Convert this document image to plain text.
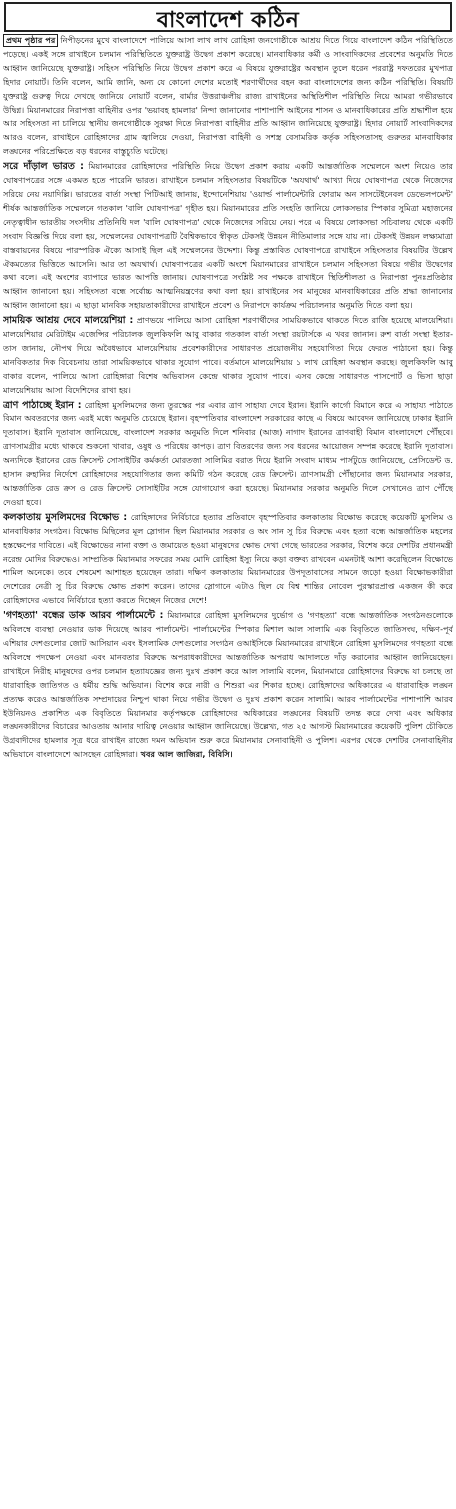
বাংলাদেশ কঠিন

প্রথম পৃষ্ঠার পর নিপীড়নের মুখে বাংলাদেশে পালিয়ে আসা লাখ লাখ রোহিঙ্গা জনগোষ্ঠীকে আশ্রয় দিতে গিয়ে বাংলাদেশ কঠিন পরিস্থিতিতে পড়েছে। একই সঙ্গে রাখাইনে চলমান পরিস্থিতিতে যুক্তরাষ্ট্র উদ্বেগ প্রকাশ করেছে। মানবাধিকার কর্মী ও সাংবাদিকদের প্রবেশের অনুমতি দিতে আহ্বান জানিয়েছে যুক্তরাষ্ট্র। সহিংস পরিস্থিতি নিয়ে উদ্বেগ প্রকাশ করে এ বিষয়ে যুক্তরাষ্ট্রের অবস্থান তুলে ধরেন পররাষ্ট্র দফতরের মুখপাত্র হিদার নোয়ার্ট। তিনি বলেন, আমি জানি, অন্য যে কোনো দেশের মতোই শরণার্থীদের বহন করা বাংলাদেশের জন্য কঠিন পরিস্থিতি। বিষয়টি যুক্তরাষ্ট্র গুরুত্ব দিয়ে দেখছে জানিয়ে নোয়ার্ট বলেন, বার্মার উত্তরাঞ্চলীয় রাজ্য রাখাইনের অস্থিতিশীল পরিস্থিতি নিয়ে আমরা গভীরভাবে উদ্বিগ্ন। মিয়ানমারের নিরাপত্তা বাহিনীর ওপর 'ভয়াবহ হামলার' নিন্দা জানানোর পাশাপাশি আইনের শাসন ও মানবাধিকারের প্রতি শ্রদ্ধাশীল হয়ে আর সহিংসতা না চালিয়ে স্থানীয় জনগোষ্ঠীকে সুরক্ষা দিতে নিরাপত্তা বাহিনীর প্রতি আহ্বান জানিয়েছে যুক্তরাষ্ট্র। হিদার নোয়ার্ট সাংবাদিকদের আরও বলেন, রাখাইনে রোহিঙ্গাদের গ্রাম জ্বালিয়ে দেওয়া, নিরাপত্তা বাহিনী ও সশস্ত্র বেসামরিক কর্তৃক সহিংসতাসহ গুরুতর মানবাধিকার লঙ্ঘনের পরিপ্রেক্ষিতে বড় ধরনের বাস্তুচ্যুতি ঘটেছে।

সরে দাঁড়াল ভারত : মিয়ানমারের রোহিঙ্গাদের পরিস্থিতি নিয়ে উদ্বেগ প্রকাশ করায় একটি আন্তর্জাতিক সম্মেলনে অংশ নিয়েও তার ঘোষণাপত্রের সঙ্গে একমত হতে পারেনি ভারত। রাখাইনে চলমান সহিংসতার বিষয়টিকে 'অযথার্থ' আখ্যা দিয়ে ঘোষণাপত্র থেকে নিজেদের সরিয়ে নেয় নয়াদিল্লি। ভারতের বার্তা সংস্থা পিটিআই জানায়, ইন্দোনেশিয়ায় 'ওয়ার্ল্ড পার্লামেন্টারি ফোরাম অন সাসটেইনেবল ডেভেলপমেন্ট' শীর্ষক আন্তর্জাতিক সম্মেলনে গতকাল 'বালি ঘোষণাপত্র' গৃহীত হয়। মিয়ানমারের প্রতি সংহতি জানিয়ে লোকসভার স্পিকার সুমিত্রা মহাজনের নেতৃত্বাধীন ভারতীয় সংসদীয় প্রতিনিধি দল 'বালি ঘোষণাপত্র' থেকে নিজেদের সরিয়ে নেয়। পরে এ বিষয়ে লোকসভা সচিবালয় থেকে একটি সংবাদ বিজ্ঞপ্তি দিয়ে বলা হয়, সম্মেলনের ঘোষণাপত্রটি বৈশ্বিকভাবে স্বীকৃত টেকসই উন্নয়ন নীতিমালার সঙ্গে যায় না। টেকসই উন্নয়ন লক্ষ্যমাত্রা বাস্তবায়নের বিষয়ে পারস্পরিক ঐক্যে আসাই ছিল এই সম্মেলনের উদ্দেশ্য। কিন্তু প্রস্তাবিত ঘোষণাপত্রে রাখাইনে সহিংসতার বিষয়টির উল্লেখ ঐকমত্যের ভিত্তিতে আসেনি। আর তা অযথার্থ। ঘোষণাপত্রের একটি অংশে মিয়ানমারের রাখাইনে চলমান সহিংসতা বিষয়ে গভীর উদ্বেগের কথা বলে। এই অংশের ব্যাপারে ভারত আপত্তি জানায়। ঘোষণাপত্রে সংশ্লিষ্ট সব পক্ষকে রাখাইনে স্থিতিশীলতা ও নিরাপত্তা পুনঃপ্রতিষ্ঠার আহ্বান জানানো হয়। সহিংসতা বন্ধে সর্বোচ্চ আত্মনিয়ন্ত্রণের কথা বলা হয়। রাখাইনের সব মানুষের মানবাধিকারের প্রতি শ্রদ্ধা জানানোর আহ্বান জানানো হয়। এ ছাড়া মানবিক সহায়তাকারীদের রাখাইনে প্রবেশ ও নিরাপদে কার্যক্রম পরিচালনার অনুমতি দিতে বলা হয়।

সাময়িক আশ্রয় দেবে মালয়েশিয়া : প্রাণভয়ে পালিয়ে আসা রোহিঙ্গা শরণার্থীদের সাময়িকভাবে থাকতে দিতে রাজি হয়েছে মালয়েশিয়া। মালয়েশিয়ার মেরিটাইম এজেন্সির পরিচালক জুলকিফলি আবু বাকার গতকাল বার্তা সংস্থা রয়টার্সকে এ খবর জানান। রুশ বার্তা সংস্থা ইতার-তাস জানায়, নৌপথ দিয়ে অবৈধভাবে মালয়েশিয়ায় প্রবেশকারীদের সাধারণত প্রয়োজনীয় সহযোগিতা দিয়ে ফেরত পাঠানো হয়। কিন্তু মানবিকতার দিক বিবেচনায় তারা সাময়িকভাবে থাকার সুযোগ পাবে। বর্তমানে মালয়েশিয়ায় ১ লাখ রোহিঙ্গা অবস্থান করছে। জুলকিফলি আবু বাকার বলেন, পালিয়ে আসা রোহিঙ্গারা বিশেষ অভিবাসন কেন্দ্রে থাকার সুযোগ পাবে। এসব কেন্দ্রে সাধারণত পাসপোর্ট ও ভিসা ছাড়া মালয়েশিয়ায় আসা বিদেশিদের রাখা হয়।

ত্রাণ পাঠাচ্ছে ইরান : রোহিঙ্গা মুসলিমদের জন্য তুরস্কের পর এবার ত্রাণ সাহায্য দেবে ইরান। ইরানি কার্গো বিমানে করে এ সাহায্য পাঠাতে বিমান অবতরণের জন্য এরই মধ্যে অনুমতি চেয়েছে ইরান। বৃহস্পতিবার বাংলাদেশ সরকারের কাছে এ বিষয়ে আবেদন জানিয়েছে ঢাকার ইরানি দূতাবাস। ইরানি দূতাবাস জানিয়েছে, বাংলাদেশ সরকার অনুমতি দিলে শনিবার (আজ) নাগাদ ইরানের ত্রাণবাহী বিমান বাংলাদেশে পৌঁছবে। ত্রাণসামগ্রীর মধ্যে থাকবে শুকনো খাবার, ওষুধ ও পরিধেয় কাপড়। ত্রাণ বিতরণের জন্য সব ধরনের আয়োজন সম্পন্ন করেছে ইরানি দূতাবাস। অন্যদিকে ইরানের রেড ক্রিসেন্ট সোসাইটির কর্মকর্তা মোরতজা সালিমির বরাত দিয়ে ইরানি সংবাদ মাধ্যম পার্সটুডে জানিয়েছে, প্রেসিডেন্ট ড. হাসান রুহানির নির্দেশে রোহিঙ্গাদের সহযোগিতার জন্য কমিটি গঠন করেছে রেড ক্রিসেন্ট। ত্রাণসামগ্রী পৌঁছানোর জন্য মিয়ানমার সরকার, আন্তর্জাতিক রেড ক্রস ও রেড ক্রিসেন্ট সোসাইটির সঙ্গে যোগাযোগ করা হয়েছে। মিয়ানমার সরকার অনুমতি দিলে সেখানেও ত্রাণ পৌঁছে দেওয়া হবে।

কলকাতায় মুসলিমদের বিক্ষোভ : রোহিঙ্গাদের নির্বিচারে হত্যার প্রতিবাদে বৃহস্পতিবার কলকাতায় বিক্ষোভ করেছে কয়েকটি মুসলিম ও মানবাধিকার সংগঠন। বিক্ষোভ মিছিলের মূল স্লোগান ছিল মিয়ানমার সরকার ও অং সান সু চির বিরুদ্ধে এবং হত্যা বন্ধে আন্তর্জাতিক মহলের হস্তক্ষেপের দাবিতে। এই বিক্ষোভের নানা বক্তা ও জমায়েত হওয়া মানুষদের ক্ষোভ দেখা গেছে ভারতের সরকার, বিশেষ করে দেশটির প্রধানমন্ত্রী নরেন্দ্র মোদির বিরুদ্ধেও। সাম্প্রতিক মিয়ানমার সফরের সময় মোদি রোহিঙ্গা ইস্যু নিয়ে কড়া বক্তব্য রাখবেন এমনটাই আশা করেছিলেন বিক্ষোভে শামিল অনেকে। তবে শেষমেশ আশাহত হয়েছেন তারা। দক্ষিণ কলকাতায় মিয়ানমারের উপদূতাবাসের সামনে জড়ো হওয়া বিক্ষোভকারীরা দেশেরের নেত্রী সু চির বিরুদ্ধে ক্ষোভ প্রকাশ করেন। তাদের স্লোগানে এটাও ছিল যে বিশ্ব শান্তির নোবেল পুরস্কারপ্রাপ্ত একজন কী করে রোহিঙ্গাদের এভাবে নির্বিচারে হত্যা করতে দিচ্ছেন নিজের দেশে!

'গণহত্যা' বন্ধের ডাক আরব পার্লামেন্টে : মিয়ানমারে রোহিঙ্গা মুসলিমদের দুর্ভোগ ও 'গণহত্যা' বন্ধে আন্তর্জাতিক সংগঠনগুলোকে অবিলম্বে ব্যবস্থা নেওয়ার ডাক দিয়েছে আরব পার্লামেন্ট। পার্লামেন্টের স্পিকার মিশাল আল সালামি এক বিবৃতিতে জাতিসংঘ, দক্ষিণ-পূর্ব এশিয়ার দেশগুলোর জোট আসিয়ান এবং ইসলামিক দেশগুলোর সংগঠন ওআইসিকে মিয়ানমারের রাখাইনে রোহিঙ্গা মুসলিমদের গণহত্যা বন্ধে অবিলম্বে পদক্ষেপ নেওয়া এবং মানবতার বিরুদ্ধে অপরাধকারীদের আন্তর্জাতিক অপরাধ আদালতে দাঁড় করানোর আহ্বান জানিয়েছেন। রাখাইনে নিরীহ মানুষদের ওপর চলমান হত্যাযজ্ঞের জন্য দুঃখ প্রকাশ করে আল সালামি বলেন, মিয়ানমারে রোহিঙ্গাদের বিরুদ্ধে যা চলছে তা ধারাবাহিক জাতিগত ও ধর্মীয় শুদ্ধি অভিযান। বিশেষ করে নারী ও শিশুরা এর শিকার হচ্ছে। রোহিঙ্গাদের অধিকারের এ ধারাবাহিক লঙ্ঘন প্রত্যক্ষ করেও আন্তর্জাতিক সম্প্রদায়ের নিশ্চুপ থাকা নিয়ে গভীর উদ্বেগ ও দুঃখ প্রকাশ করেন সালামি। আরব পার্লামেন্টের পাশাপাশি আরব ইউনিয়নও প্রকাশিত এক বিবৃতিতে মিয়ানমার কর্তৃপক্ষকে রোহিঙ্গাদের অধিকারের লঙ্ঘনের বিষয়টি তদন্ত করে দেখা এবং অধিকার লঙ্ঘনকারীদের বিচারের আওতায় আনার দায়িত্ব নেওয়ার আহ্বান জানিয়েছে। উল্লেখ্য, গত ২৫ আগস্ট মিয়ানমারের কয়েকটি পুলিশ চৌকিতে উগ্রবাদীদের হামলার সূত্র ধরে রাখাইন রাজ্যে দমন অভিযান শুরু করে মিয়ানমার সেনাবাহিনী ও পুলিশ। এরপর থেকে দেশটির সেনাবাহিনীর অভিযানে বাংলাদেশে আসছেন রোহিঙ্গারা। খবর আল জাজিরা, বিবিসি।
